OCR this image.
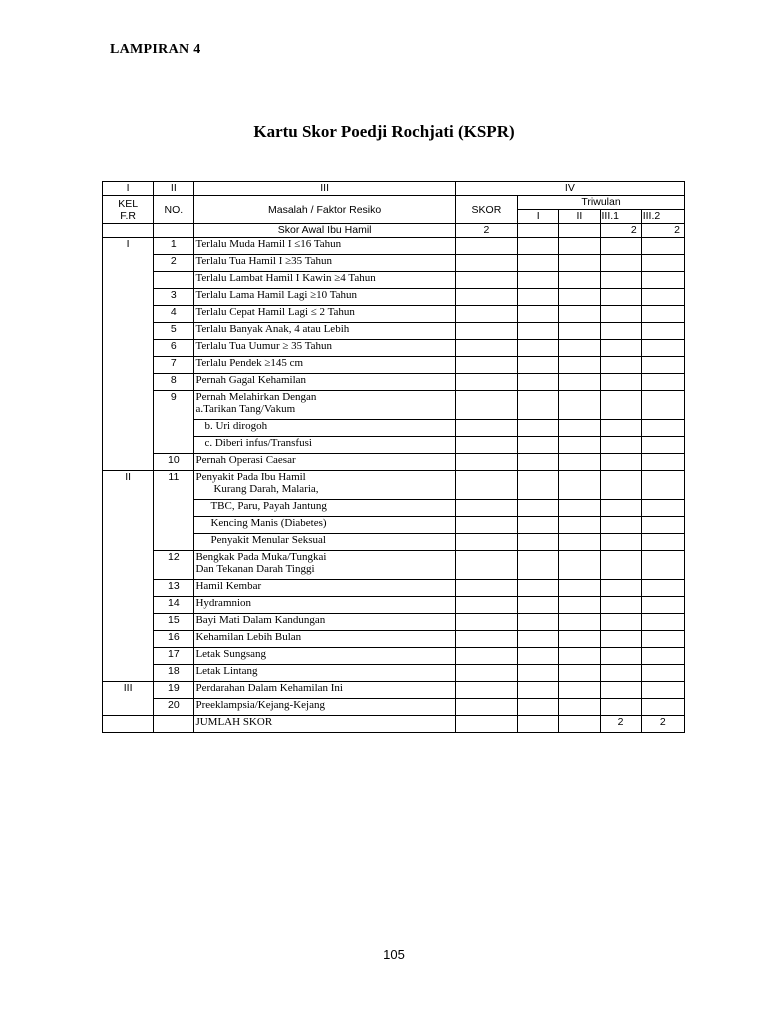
LAMPIRAN 4
Kartu Skor Poedji Rochjati (KSPR)
I	II	III	IV				

KEL
F.R	NO.	Masalah / Faktor Resiko	SKOR	Triwulan			
				I	II	III.1	III.2
		Skor Awal Ibu Hamil	2			2	2
I	1	Terlalu Muda Hamil I ≤16 Tahun					
	2	Terlalu Tua Hamil I ≥35 Tahun					
		Terlalu Lambat Hamil I Kawin ≥4 Tahun					
	3	Terlalu Lama Hamil Lagi ≥10 Tahun					
	4	Terlalu Cepat Hamil Lagi ≤ 2 Tahun					
	5	Terlalu Banyak Anak, 4 atau Lebih					
	6	Terlalu Tua Uumur ≥ 35 Tahun					
	7	Terlalu Pendek ≥145 cm					
	8	Pernah Gagal Kehamilan					
	9	Pernah Melahirkan Dengan
a.Tarikan Tang/Vakum					

		b. Uri dirogoh					
		c. Diberi infus/Transfusi					
	10	Pernah Operasi Caesar					
II	11	Penyakit Pada Ibu Hamil
Kurang Darah, Malaria,					

		TBC, Paru, Payah Jantung					
		Kencing Manis (Diabetes)					
		Penyakit Menular Seksual					
	12	Bengkak Pada Muka/Tungkai
Dan Tekanan Darah Tinggi					

	13	Hamil Kembar					
	14	Hydramnion					
	15	Bayi Mati Dalam Kandungan					
	16	Kehamilan Lebih Bulan					
	17	Letak Sungsang					
	18	Letak Lintang					
III	19	Perdarahan Dalam Kehamilan Ini					
	20	Preeklampsia/Kejang-Kejang					
		JUMLAH SKOR				2	2
105
